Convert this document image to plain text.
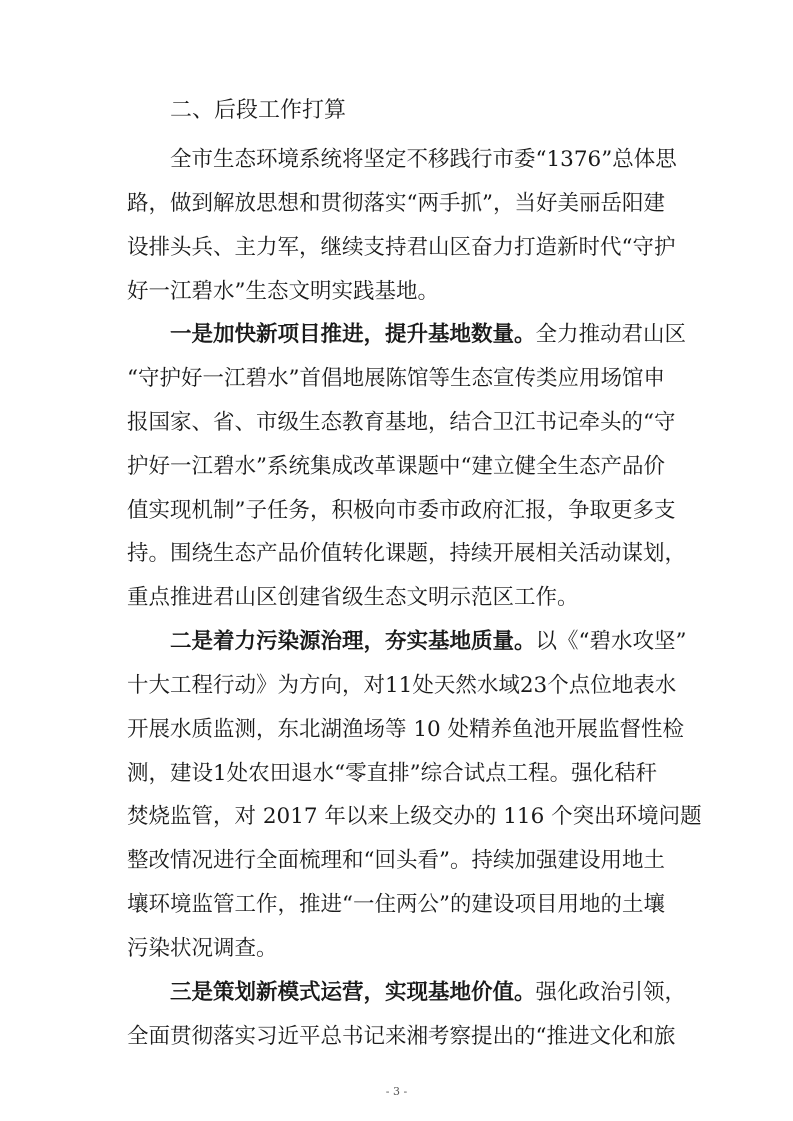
二、后段工作打算
全市生态环境系统将坚定不移践行市委“1376”总体思
路，做到解放思想和贯彻落实“两手抓”，当好美丽岳阳建
设排头兵、主力军，继续支持君山区奋力打造新时代“守护
好一江碧水”生态文明实践基地。
一是加快新项目推进，提升基地数量。全力推动君山区
“守护好一江碧水”首倡地展陈馆等生态宣传类应用场馆申
报国家、省、市级生态教育基地，结合卫江书记牵头的“守
护好一江碧水”系统集成改革课题中“建立健全生态产品价
值实现机制”子任务，积极向市委市政府汇报，争取更多支
持。围绕生态产品价值转化课题，持续开展相关活动谋划，
重点推进君山区创建省级生态文明示范区工作。
二是着力污染源治理，夯实基地质量。以《“碧水攻坚”
十大工程行动》为方向，对11处天然水域23个点位地表水
开展水质监测，东北湖渔场等 10 处精养鱼池开展监督性检
测，建设1处农田退水“零直排”综合试点工程。强化秸秆
焚烧监管，对 2017 年以来上级交办的 116 个突出环境问题
整改情况进行全面梳理和“回头看”。持续加强建设用地土
壤环境监管工作，推进“一住两公”的建设项目用地的土壤
污染状况调查。
三是策划新模式运营，实现基地价值。强化政治引领，
全面贯彻落实习近平总书记来湘考察提出的“推进文化和旅
- 3 -
